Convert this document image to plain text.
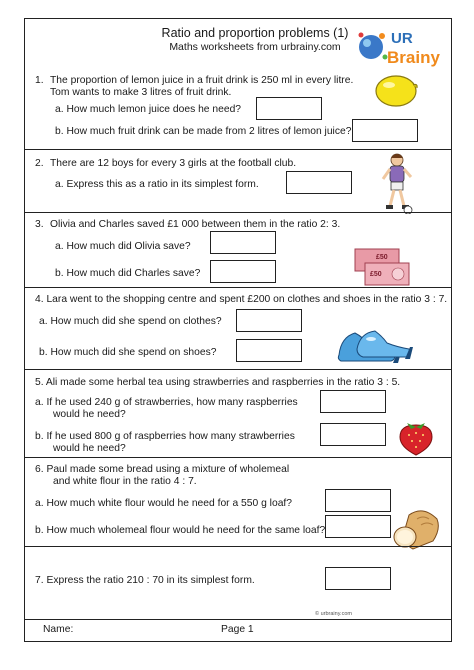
Ratio and proportion problems (1)
Maths worksheets from urbrainy.com	UR
Brainy
1. The proportion of lemon juice in a fruit drink is 250 ml in every litre.
Tom wants to make 3 litres of fruit drink.
a. How much lemon juice does he need?
b. How much fruit drink can be made from 2 litres of lemon juice?
2. There are 12 boys for every 3 girls at the football club.
a. Express this as a ratio in its simplest form.
3. Olivia and Charles saved £1 000 between them in the ratio 2: 3.
a. How much did Olivia save?
b. How much did Charles save?
£50
£50
4. Lara went to the shopping centre and spent £200 on clothes and shoes in the ratio 3 : 7.
a. How much did she spend on clothes?
b. How much did she spend on shoes?
5. Ali made some herbal tea using strawberries and raspberries in the ratio 3 : 5.
a. If he used 240 g of strawberries, how many raspberries
would he need?
b. If he used 800 g of raspberries how many strawberries
would he need?
6. Paul made some bread using a mixture of wholemeal
and white flour in the ratio 4 : 7.
a. How much white flour would he need for a 550 g loaf?
b. How much wholemeal flour would he need for the same loaf?
7. Express the ratio 210 : 70 in its simplest form.
© urbrainy.com
Name:	Page 1
